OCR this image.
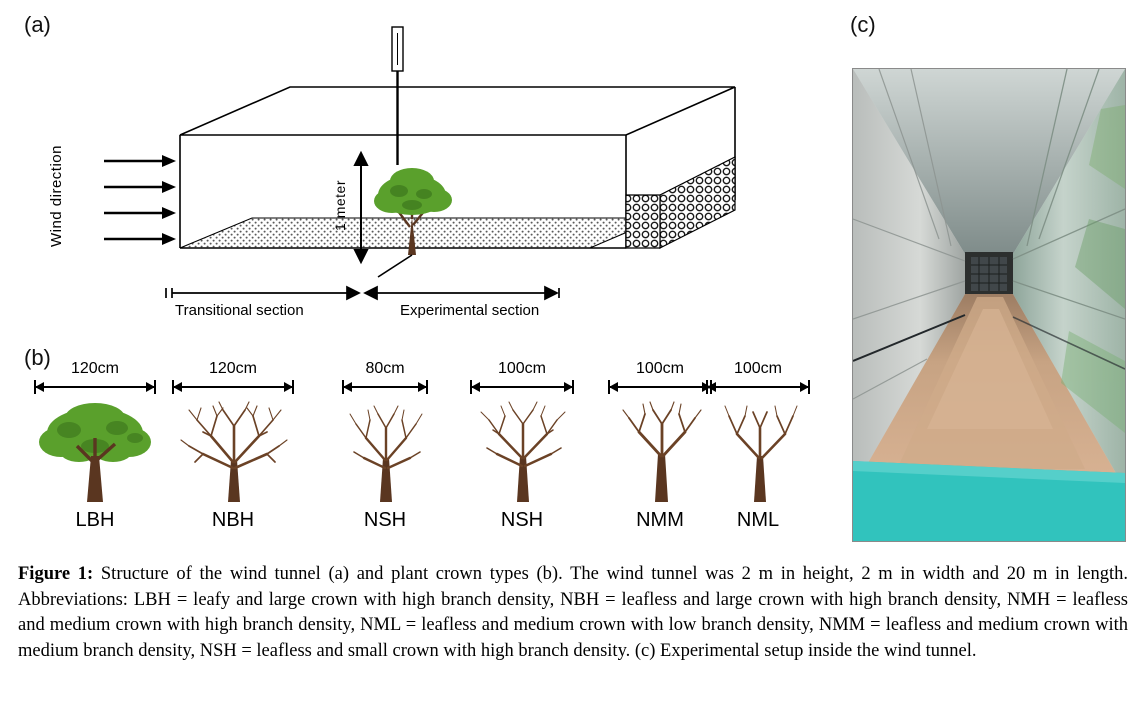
(a)
Wind direction	1 meter
Transitional section	Experimental section
(b)	120cm
LBH
120cm
NBH
80cm
NSH
100cm
NSH
100cm
NMM
100cm
NML
(c)
Figure 1: Structure of the wind tunnel (a) and plant crown types (b). The wind tunnel was 2 m in height, 2 m in width and 20 m in length. Abbreviations: LBH = leafy and large crown with high branch density, NBH = leafless and large crown with high branch density, NMH = leafless and medium crown with high branch density, NML = leafless and medium crown with low branch density, NMM = leafless and medium crown with medium branch density, NSH = leafless and small crown with high branch density. (c) Experimental setup inside the wind tunnel.
